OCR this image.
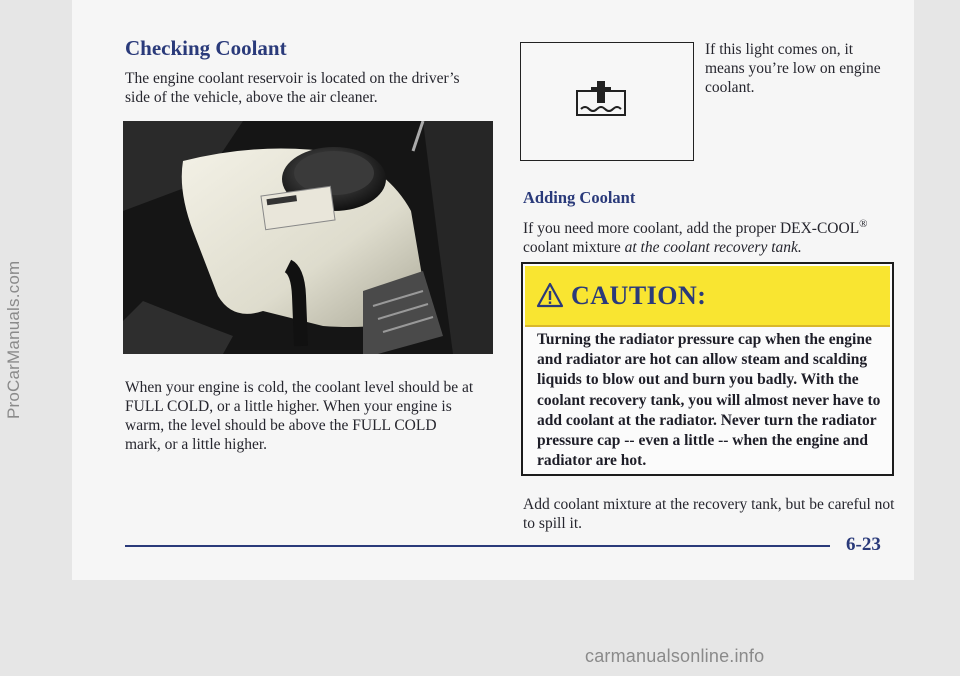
ProCarManuals.com
Checking Coolant

The engine coolant reservoir is located on the driver’s side of the vehicle, above the air cleaner.

When your engine is cold, the coolant level should be at FULL COLD, or a little higher. When your engine is warm, the level should be above the FULL COLD mark, or a little higher.

If this light comes on, it means you’re low on engine coolant.

Adding Coolant

If you need more coolant, add the proper DEX-COOL® coolant mixture at the coolant recovery tank.

CAUTION:
Turning the radiator pressure cap when the engine and radiator are hot can allow steam and scalding liquids to blow out and burn you badly. With the coolant recovery tank, you will almost never have to add coolant at the radiator. Never turn the radiator pressure cap -- even a little -- when the engine and radiator are hot.

Add coolant mixture at the recovery tank, but be careful not to spill it.

6-23
carmanualsonline.info
